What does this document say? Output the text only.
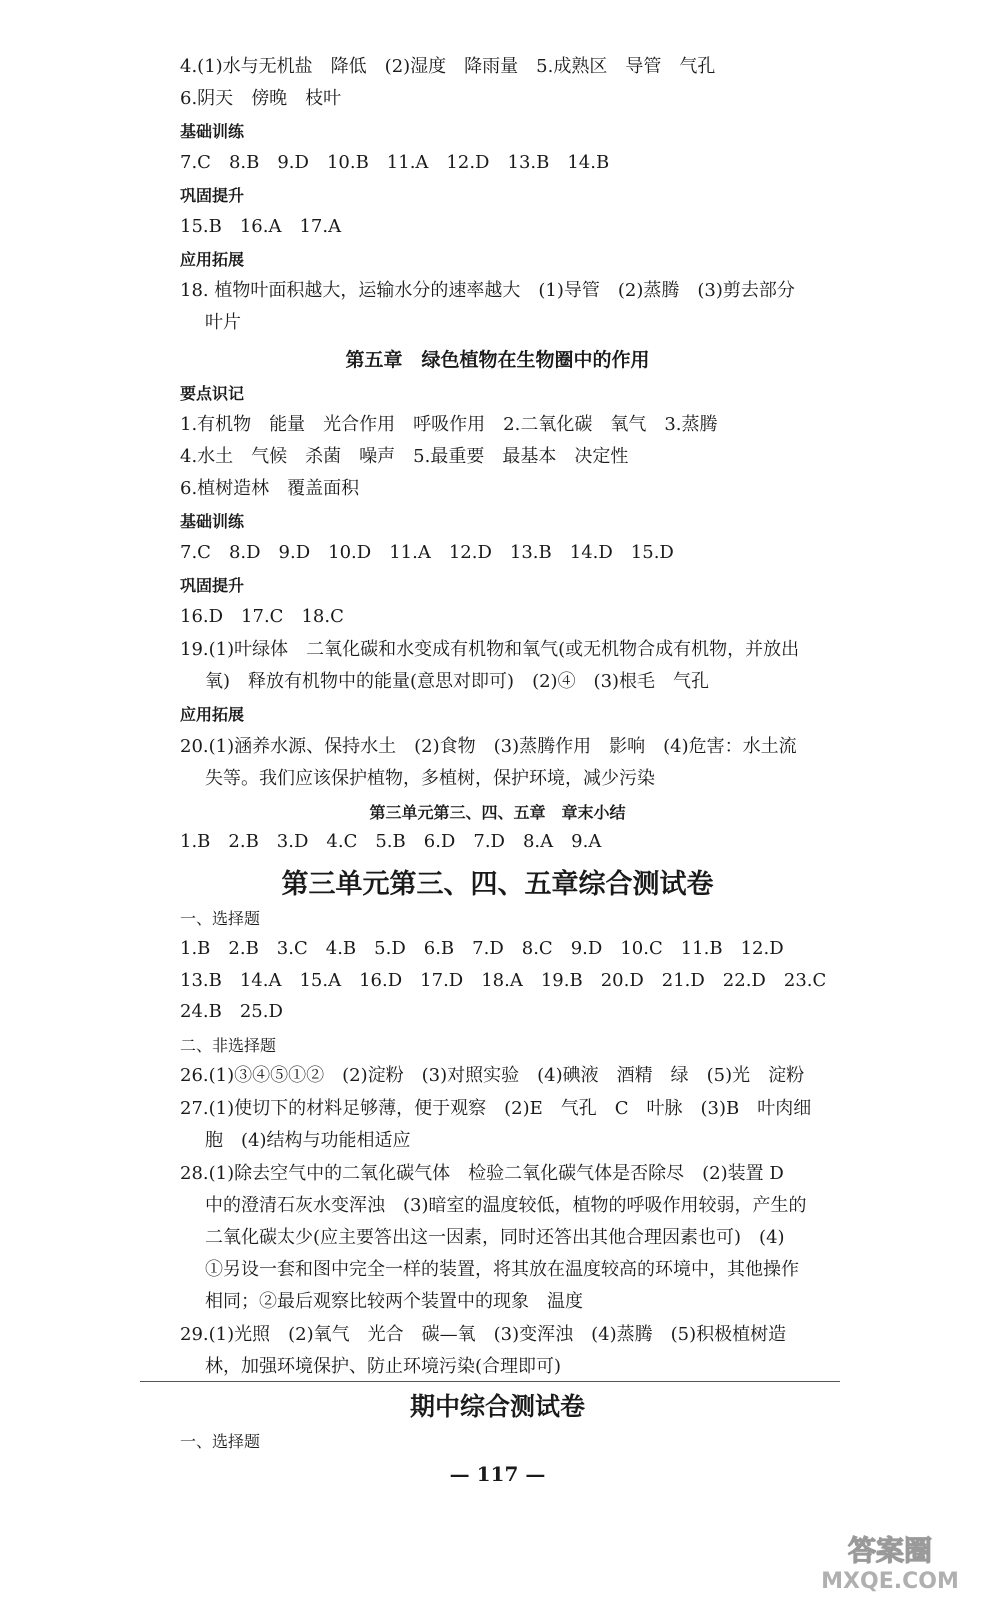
4.(1)水与无机盐　降低　(2)湿度　降雨量　5.成熟区　导管　气孔
6.阴天　傍晚　枝叶
基础训练
7.C　8.B　9.D　10.B　11.A　12.D　13.B　14.B
巩固提升
15.B　16.A　17.A
应用拓展
18. 植物叶面积越大，运输水分的速率越大　(1)导管　(2)蒸腾　(3)剪去部分
叶片
第五章　绿色植物在生物圈中的作用
要点识记
1.有机物　能量　光合作用　呼吸作用　2.二氧化碳　氧气　3.蒸腾
4.水土　气候　杀菌　噪声　5.最重要　最基本　决定性
6.植树造林　覆盖面积
基础训练
7.C　8.D　9.D　10.D　11.A　12.D　13.B　14.D　15.D
巩固提升
16.D　17.C　18.C
19.(1)叶绿体　二氧化碳和水变成有机物和氧气(或无机物合成有机物，并放出
氧)　释放有机物中的能量(意思对即可)　(2)④　(3)根毛　气孔
应用拓展
20.(1)涵养水源、保持水土　(2)食物　(3)蒸腾作用　影响　(4)危害：水土流
失等。我们应该保护植物，多植树，保护环境，减少污染
第三单元第三、四、五章　章末小结
1.B　2.B　3.D　4.C　5.B　6.D　7.D　8.A　9.A
第三单元第三、四、五章综合测试卷
一、选择题
1.B　2.B　3.C　4.B　5.D　6.B　7.D　8.C　9.D　10.C　11.B　12.D
13.B　14.A　15.A　16.D　17.D　18.A　19.B　20.D　21.D　22.D　23.C
24.B　25.D
二、非选择题
26.(1)③④⑤①②　(2)淀粉　(3)对照实验　(4)碘液　酒精　绿　(5)光　淀粉
27.(1)使切下的材料足够薄，便于观察　(2)E　气孔　C　叶脉　(3)B　叶肉细
胞　(4)结构与功能相适应
28.(1)除去空气中的二氧化碳气体　检验二氧化碳气体是否除尽　(2)装置 D
中的澄清石灰水变浑浊　(3)暗室的温度较低，植物的呼吸作用较弱，产生的
二氧化碳太少(应主要答出这一因素，同时还答出其他合理因素也可)　(4)
①另设一套和图中完全一样的装置，将其放在温度较高的环境中，其他操作
相同；②最后观察比较两个装置中的现象　温度
29.(1)光照　(2)氧气　光合　碳—氧　(3)变浑浊　(4)蒸腾　(5)积极植树造
林，加强环境保护、防止环境污染(合理即可)
期中综合测试卷
一、选择题
— 117 —
答案圈
MXQE.COM
